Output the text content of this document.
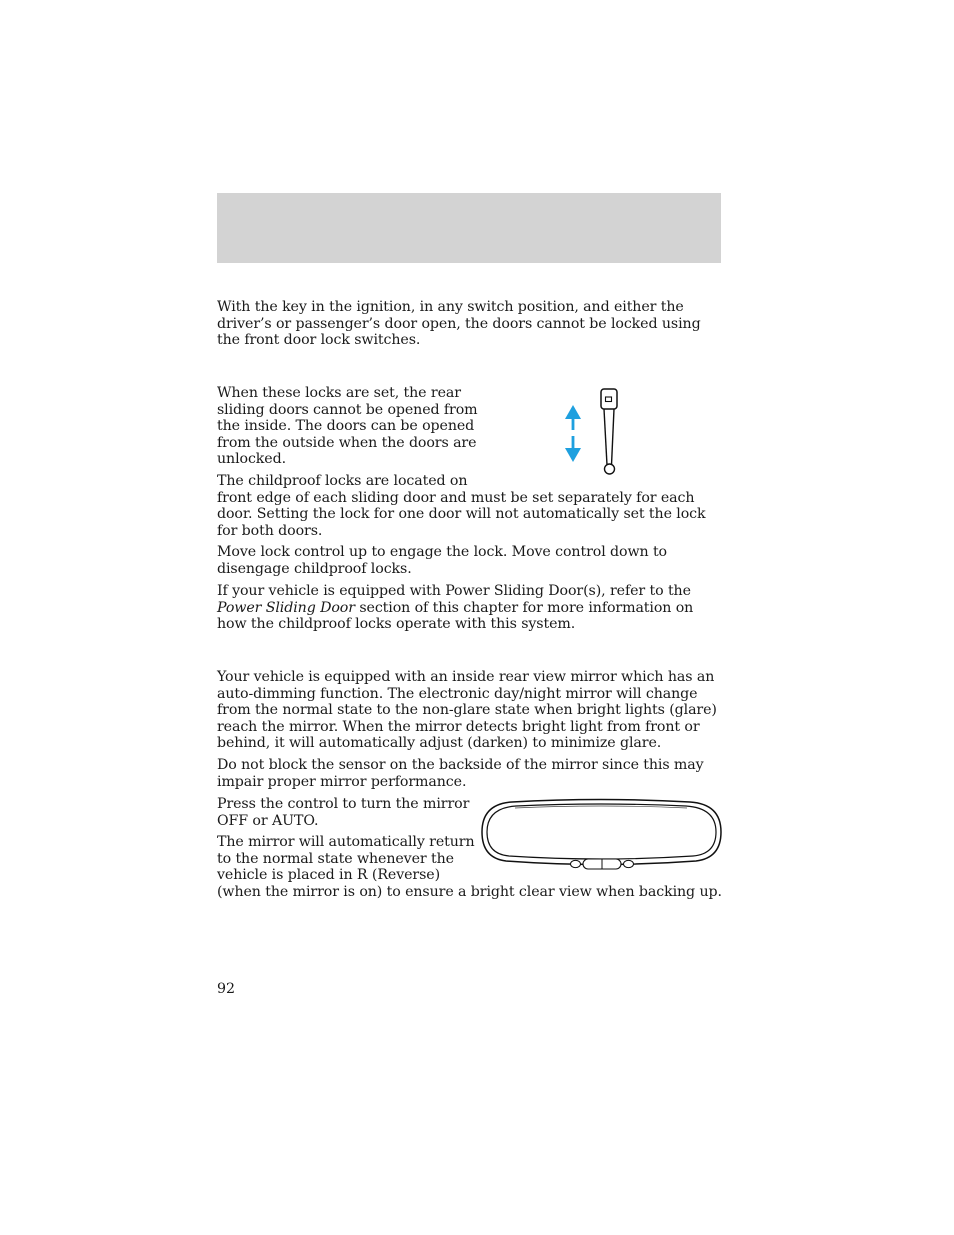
With the key in the ignition, in any switch position, and either the driver’s or passenger’s door open, the doors cannot be locked using the front door lock switches.

When these locks are set, the rear
sliding doors cannot be opened from
the inside. The doors can be opened
from the outside when the doors are
unlocked.
The childproof locks are located on
front edge of each sliding door and must be set separately for each door. Setting the lock for one door will not automatically set the lock for both doors.

Move lock control up to engage the lock. Move control down to disengage childproof locks.

If your vehicle is equipped with Power Sliding Door(s), refer to the Power Sliding Door section of this chapter for more information on how the childproof locks operate with this system.

Your vehicle is equipped with an inside rear view mirror which has an auto-dimming function. The electronic day/night mirror will change from the normal state to the non-glare state when bright lights (glare) reach the mirror. When the mirror detects bright light from front or behind, it will automatically adjust (darken) to minimize glare.

Do not block the sensor on the backside of the mirror since this may impair proper mirror performance.

Press the control to turn the mirror
OFF or AUTO.
The mirror will automatically return
to the normal state whenever the
vehicle is placed in R (Reverse)
(when the mirror is on) to ensure a bright clear view when backing up.

92
